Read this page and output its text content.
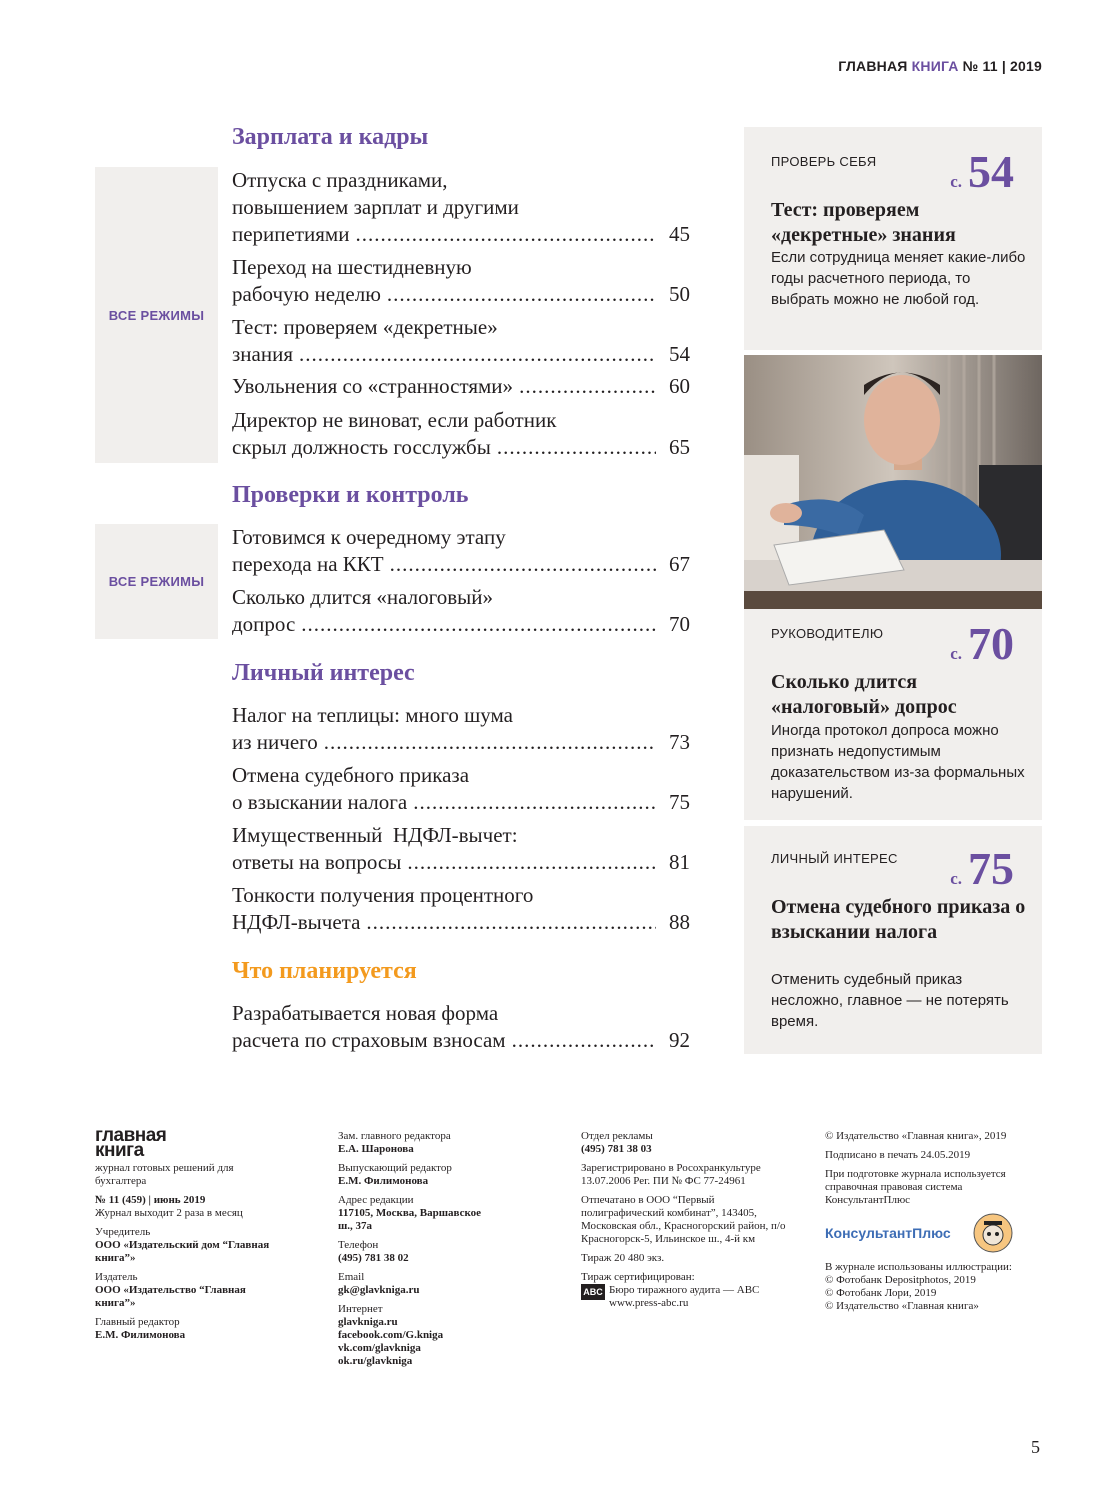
ГЛАВНАЯ КНИГА № 11 | 2019
Зарплата и кадры
ВСЕ РЕЖИМЫ
Отпуска с праздниками,
повышением зарплат и другими
перипетиями .....	45
Переход на шестидневную
рабочую неделю .....	50
Тест: проверяем «декретные»
знания .....	54
Увольнения со «странностями» .....	60
Директор не виноват, если работник
скрыл должность госслужбы .....	65
Проверки и контроль
ВСЕ РЕЖИМЫ
Готовимся к очередному этапу
перехода на ККТ .....	67
Сколько длится «налоговый»
допрос .....	70
Личный интерес
Налог на теплицы: много шума
из ничего .....	73
Отмена судебного приказа
о взыскании налога .....	75
Имущественный  НДФЛ-вычет:
ответы на вопросы .....	81
Тонкости получения процентного
НДФЛ-вычета .....	88
Что планируется
Разрабатывается новая форма
расчета по страховым взносам .....	92
ПРОВЕРЬ СЕБЯ
с. 54
Тест: проверяем «декретные» знания
Если сотрудница меняет какие-либо годы расчетного периода, то выбрать можно не любой год.
РУКОВОДИТЕЛЮ
с. 70
Сколько длится «налоговый» допрос
Иногда протокол допроса можно признать недопустимым доказательством из-за формальных нарушений.
ЛИЧНЫЙ ИНТЕРЕС
с. 75
Отмена судебного приказа о взыскании налога
Отменить судебный приказ несложно, главное — не потерять время.
главная
книга

журнал готовых решений для бухгалтера

№ 11 (459) | июнь 2019

Журнал выходит 2 раза в месяц

Учредитель

ООО «Издательский дом “Главная книга”»

Издатель

ООО «Издательство “Главная книга”»

Главный редактор

Е.М. Филимонова

Зам. главного редактора

Е.А. Шаронова

Выпускающий редактор

Е.М. Филимонова

Адрес редакции

117105, Москва, Варшавское ш., 37а

Телефон

(495) 781 38 02

Email

gk@glavkniga.ru

Интернет
glavkniga.ru
facebook.com/G.kniga
vk.com/glavkniga
ok.ru/glavkniga
Отдел рекламы

(495) 781 38 03

Зарегистрировано в Росохранкультуре 13.07.2006 Рег. ПИ № ФС 77-24961

Отпечатано в ООО “Первый полиграфический комбинат”, 143405, Московская обл., Красногорский район, п/о Красногорск-5, Ильинское ш., 4-й км

Тираж 20 480 экз.

Тираж сертифицирован:
ABC Бюро тиражного аудита — ABC
www.press-abc.ru

© Издательство «Главная книга», 2019

Подписано в печать 24.05.2019

При подготовке журнала используется справочная правовая система КонсультантПлюс

КонсультантПлюс
В журнале использованы иллюстрации:
© Фотобанк Depositphotos, 2019
© Фотобанк Лори, 2019
© Издательство «Главная книга»
5
